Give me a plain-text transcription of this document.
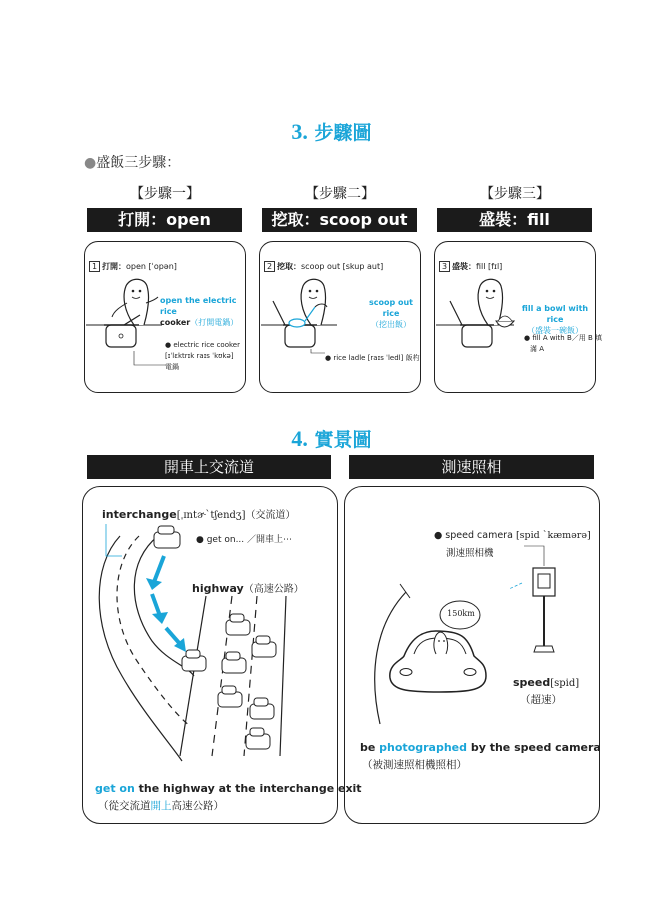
3. 步驟圖
●盛飯三步驟：
【步驟一】	【步驟二】	【步驟三】
打開：open	挖取：scoop out	盛裝：fill
1 打開：open [ˈopən]
open the electric rice
cooker（打開電鍋）
● electric rice cooker
[ɪˈlɛktrɪk raɪs ˈkʊkə]
電鍋
2 挖取：scoop out [skup aut]
scoop out rice
（挖出飯）
● rice ladle [raɪs ˈledl] 飯杓
3 盛裝：fill [fɪl]
fill a bowl with rice
（盛裝一碗飯）
● fill A with B／用 B 填
滿 A
4. 實景圖
開車上交流道	測速照相
interchange[ˌɪntɚˋtʃendʒ]（交流道）
● get on... ／開車上⋯
highway（高速公路）
get on the highway at the interchange exit
（從交流道開上高速公路）
● speed camera [spid ˋkæmərə]
測速照相機
150km
speed[spid]
（超速）
be photographed by the speed camera
（被測速照相機照相）
